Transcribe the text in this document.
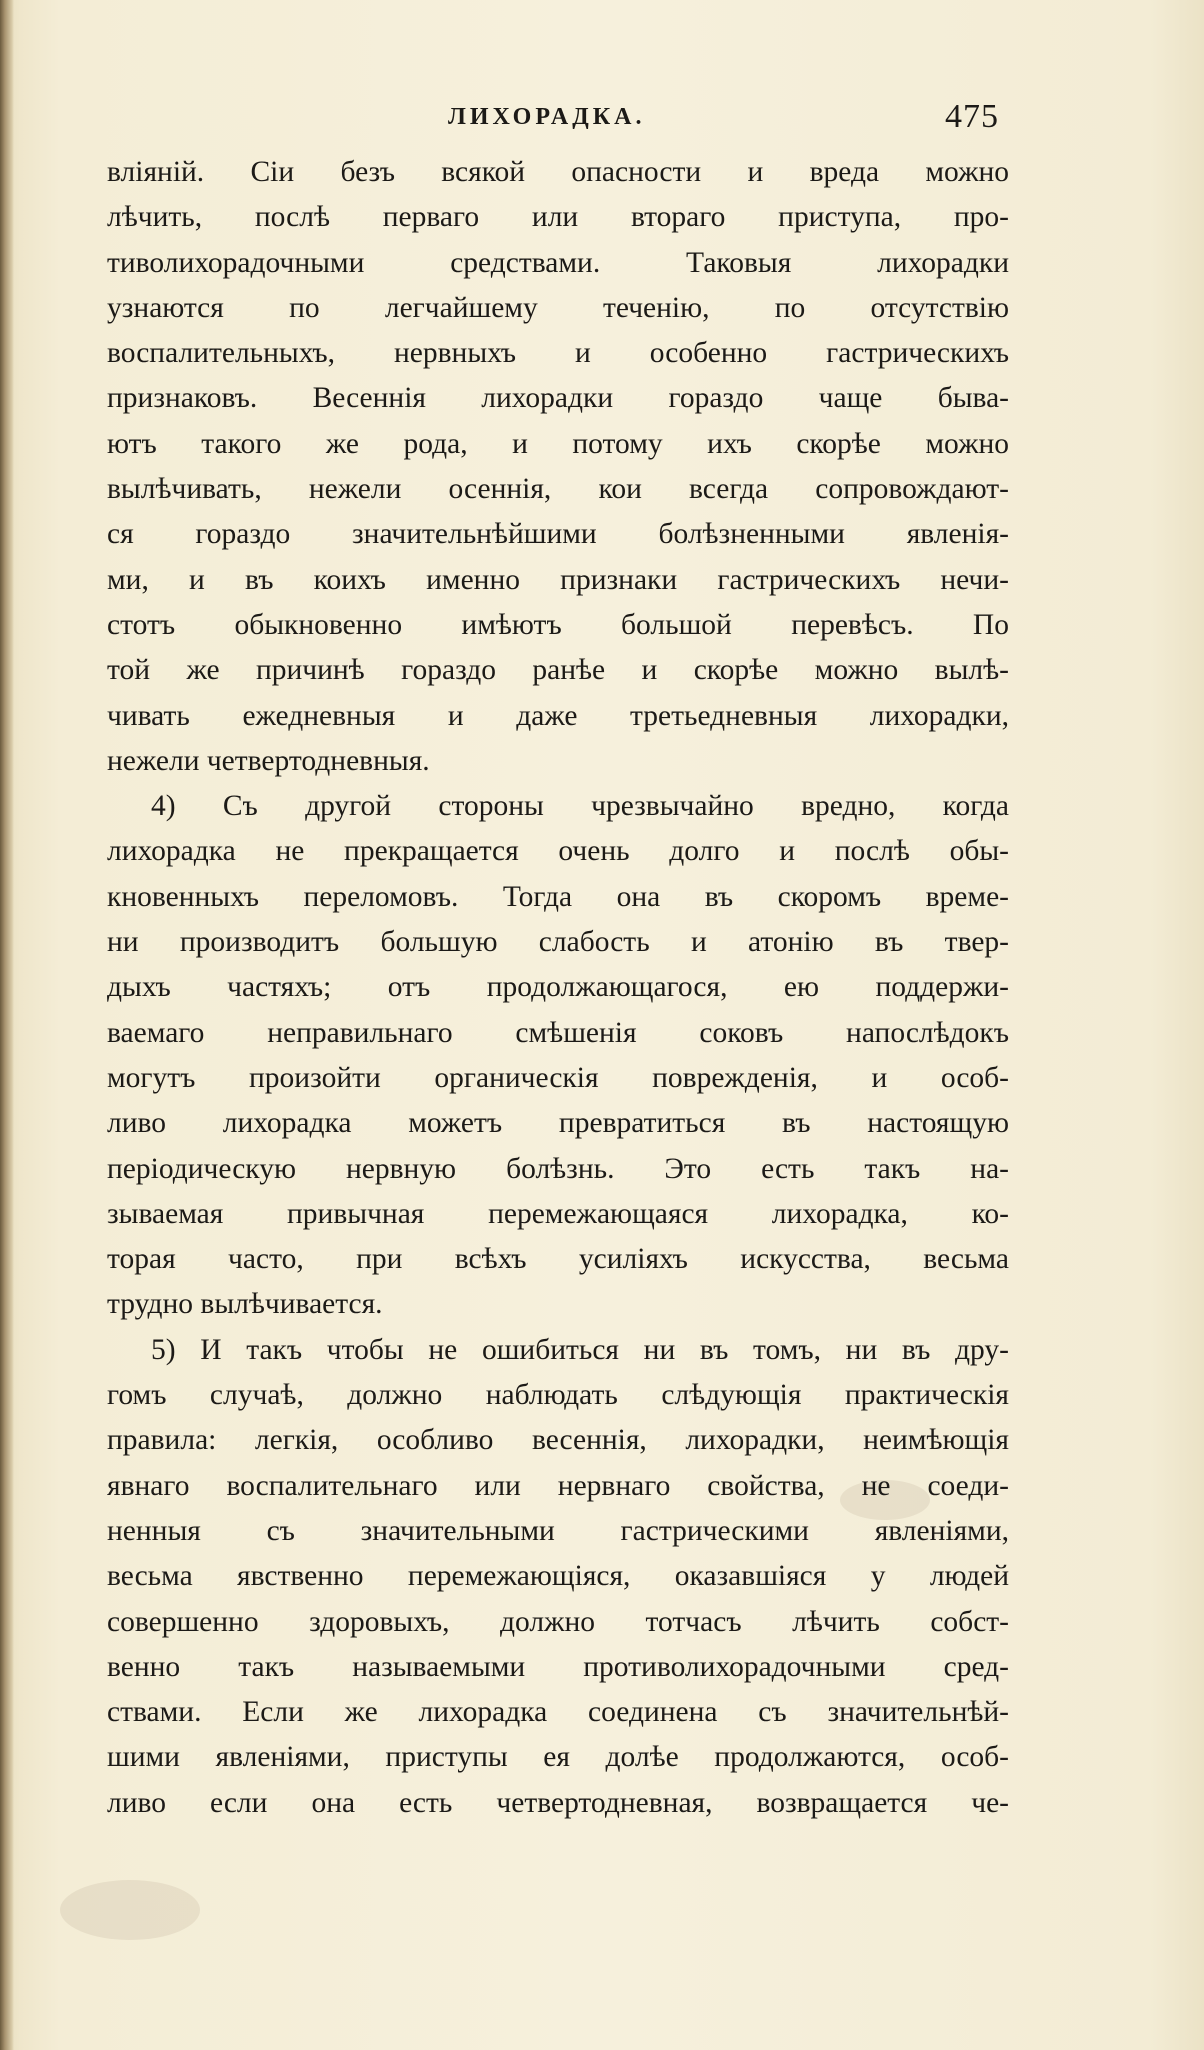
ЛИХОРАДКА.	475
влiянiй. Сiи безъ всякой опасности и вреда можно
лѣчить, послѣ перваго или втораго приступа, про-
тиволихорадочными средствами. Таковыя лихорадки
узнаются по легчайшему теченiю, по отсутствiю
воспалительныхъ, нервныхъ и особенно гастрическихъ
признаковъ. Весеннiя лихорадки гораздо чаще быва-
ютъ такого же рода, и потому ихъ скорѣе можно
вылѣчивать, нежели осеннiя, кои всегда сопровождают-
ся гораздо значительнѣйшими болѣзненными явленiя-
ми, и въ коихъ именно признаки гастрическихъ нечи-
стотъ обыкновенно имѣютъ большой перевѣсъ. По
той же причинѣ гораздо ранѣе и скорѣе можно вылѣ-
чивать ежедневныя и даже третьедневныя лихорадки,
нежели четвертодневныя.
4) Съ другой стороны чрезвычайно вредно, когда
лихорадка не прекращается очень долго и послѣ обы-
кновенныхъ переломовъ. Тогда она въ скоромъ време-
ни производитъ большую слабость и атонiю въ твер-
дыхъ частяхъ; отъ продолжающагося, ею поддержи-
ваемаго неправильнаго смѣшенiя соковъ напослѣдокъ
могутъ произойти органическiя поврежденiя, и особ-
ливо лихорадка можетъ превратиться въ настоящую
перiодическую нервную болѣзнь. Это есть такъ на-
зываемая привычная перемежающаяся лихорадка, ко-
торая часто, при всѣхъ усилiяхъ искусства, весьма
трудно вылѣчивается.
5) И такъ чтобы не ошибиться ни въ томъ, ни въ дру-
гомъ случаѣ, должно наблюдать слѣдующiя практическiя
правила: легкiя, особливо весеннiя, лихорадки, неимѣющiя
явнаго воспалительнаго или нервнаго свойства, не соеди-
ненныя съ значительными гастрическими явленiями,
весьма явственно перемежающiяся, оказавшiяся у людей
совершенно здоровыхъ, должно тотчасъ лѣчить собст-
венно такъ называемыми противолихорадочными сред-
ствами. Если же лихорадка соединена съ значительнѣй-
шими явленiями, приступы ея долѣе продолжаются, особ-
ливо если она есть четвертодневная, возвращается че-
